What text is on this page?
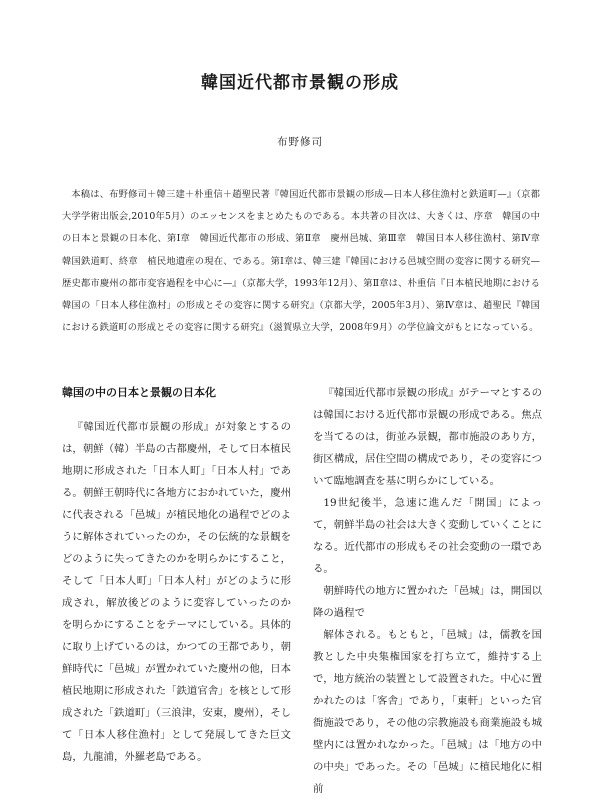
韓国近代都市景観の形成
布野修司
本稿は、布野修司＋韓三建＋朴重信＋趙聖民著『韓国近代都市景観の形成—日本人移住漁村と鉄道町—』（京都大学学術出版会,2010年5月）のエッセンスをまとめたものである。本共著の目次は、大きくは、序章　韓国の中の日本と景観の日本化、第Ⅰ章　韓国近代都市の形成、第Ⅱ章　慶州邑城、第Ⅲ章　韓国日本人移住漁村、第Ⅳ章　韓国鉄道町、終章　植民地遺産の現在、である。第Ⅰ章は、韓三建『韓国における邑城空間の変容に関する研究—歴史都市慶州の都市変容過程を中心に—』（京都大学，1993年12月）、第Ⅱ章は、朴重信『日本植民地期における韓国の「日本人移住漁村」の形成とその変容に関する研究』（京都大学，2005年3月）、第Ⅳ章は、趙聖民『韓国における鉄道町の形成とその変容に関する研究』（滋賀県立大学，2008年9月）の学位論文がもとになっている。
韓国の中の日本と景観の日本化

『韓国近代都市景観の形成』が対象とするのは，朝鮮（韓）半島の古都慶州，そして日本植民地期に形成された「日本人町」「日本人村」である。朝鮮王朝時代に各地方におかれていた，慶州に代表される「邑城」が植民地化の過程でどのように解体されていったのか，その伝統的な景観をどのように失ってきたのかを明らかにすること，そして「日本人町」「日本人村」がどのように形成され，解放後どのように変容していったのかを明らかにすることをテーマにしている。具体的に取り上げているのは，かつての王都であり，朝鮮時代に「邑城」が置かれていた慶州の他，日本植民地期に形成された「鉄道官舎」を核として形成された「鉄道町」（三浪津，安東，慶州），そして「日本人移住漁村」として発展してきた巨文島，九龍浦，外羅老島である。

『韓国近代都市景観の形成』がテーマとするのは韓国における近代都市景観の形成である。焦点を当てるのは，街並み景観，都市施設のあり方，街区構成，居住空間の構成であり，その変容について臨地調査を基に明らかにしている。

19世紀後半，急速に進んだ「開国」によって，朝鮮半島の社会は大きく変動していくことになる。近代都市の形成もその社会変動の一環である。

朝鮮時代の地方に置かれた「邑城」は，開国以降の過程で

解体される。もともと，「邑城」は，儒教を国教とした中央集権国家を打ち立て，維持する上で，地方統治の装置として設置された。中心に置かれたのは「客舎」であり，「東軒」といった官衙施設であり，その他の宗教施設も商業施設も城壁内には置かれなかった。「邑城」は「地方の中の中央」であった。その「邑城」に植民地化に相前
